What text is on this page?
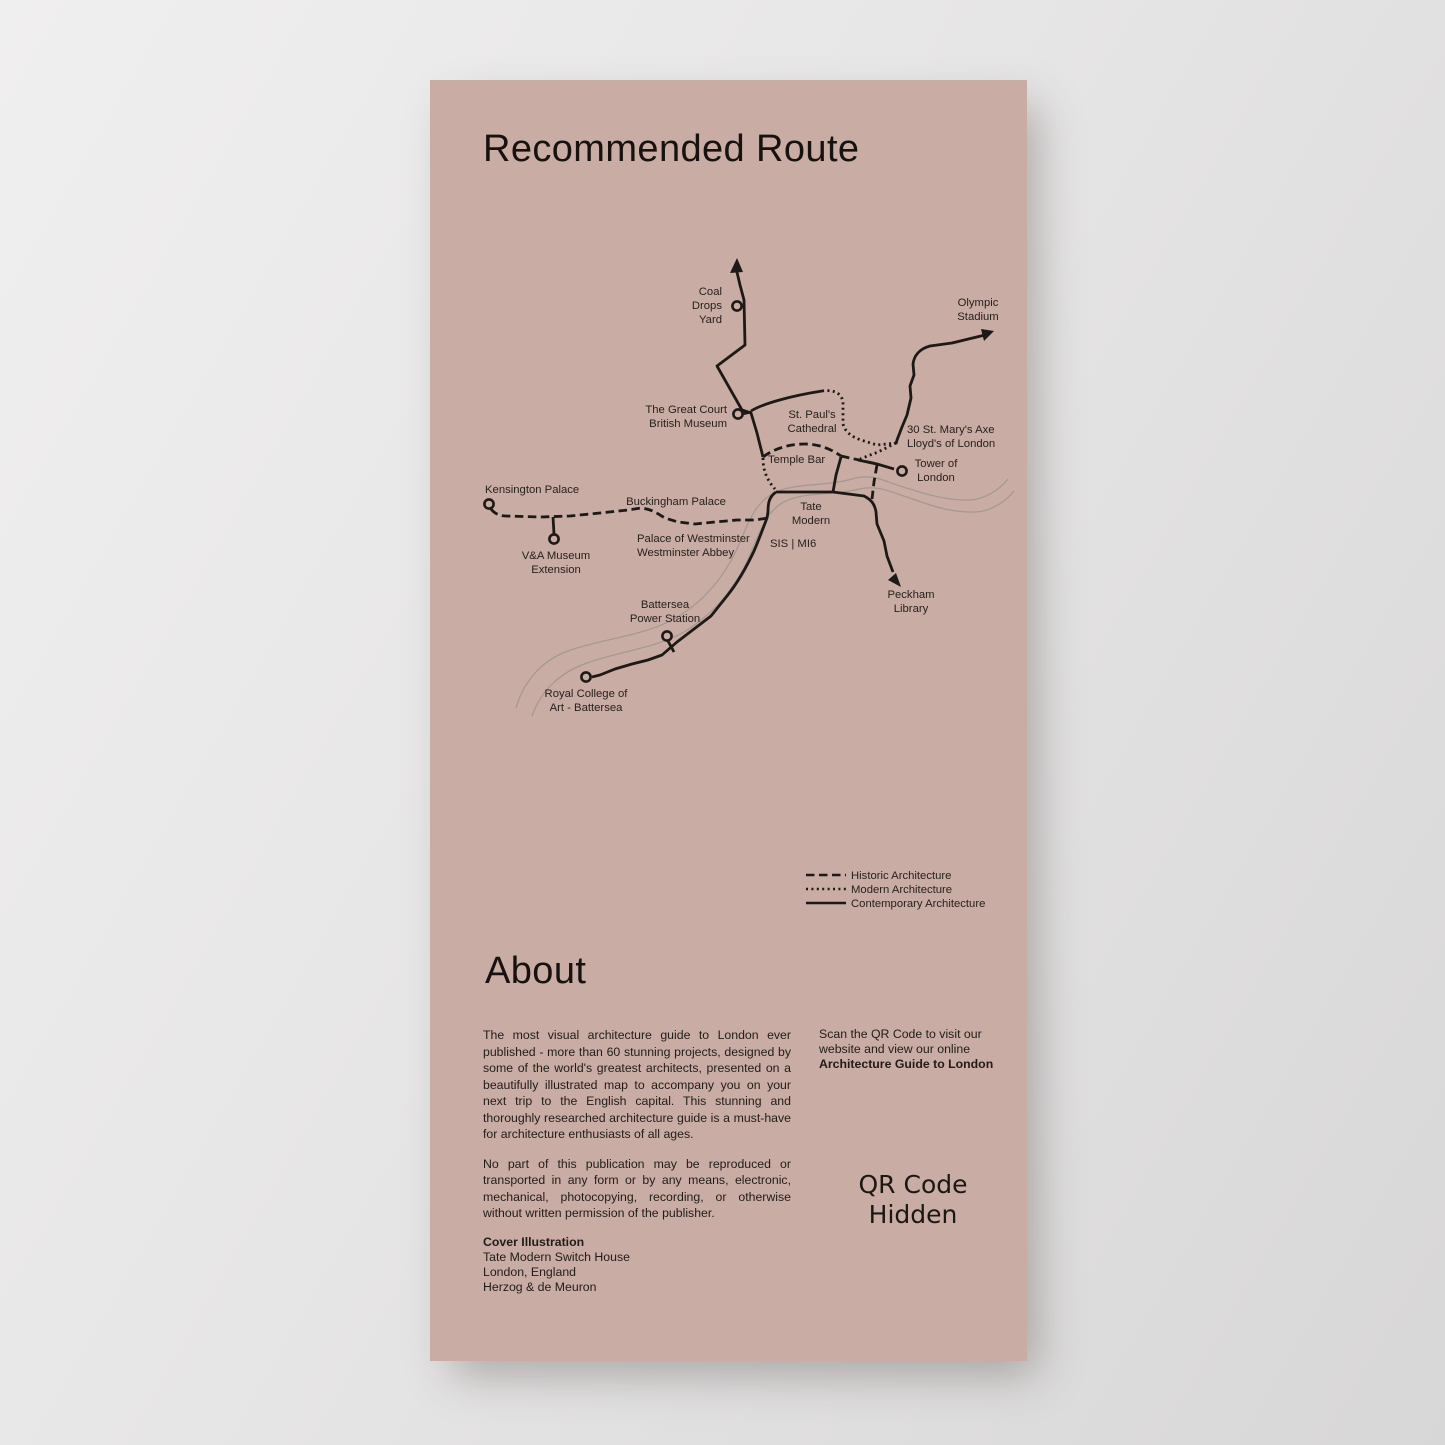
Recommended Route
Coal Drops Yard
Olympic Stadium
The Great Court British Museum
St. Paul's Cathedral	30 St. Mary's Axe Lloyd's of London
Temple Bar	Tower of London
Kensington Palace
Buckingham Palace
V&A Museum Extension
Palace of Westminster Westminster Abbey
SIS | MI6
Tate Modern
Battersea Power Station
Peckham Library
Royal College of Art - Battersea
Historic Architecture
Modern Architecture
Contemporary Architecture
About

The most visual architecture guide to London ever published - more than 60 stunning projects, designed by some of the world's greatest architects, presented on a beautifully illustrated map to accompany you on your next trip to the English capital. This stunning and thoroughly researched architecture guide is a must-have for architecture enthusiasts of all ages.

No part of this publication may be reproduced or transported in any form or by any means, electronic, mechanical, photocopying, recording, or otherwise without written permission of the publisher.

Cover Illustration
Tate Modern Switch House
London, England
Herzog & de Meuron
Scan the QR Code to visit our
website and view our online
Architecture Guide to London
QR Code
Hidden
